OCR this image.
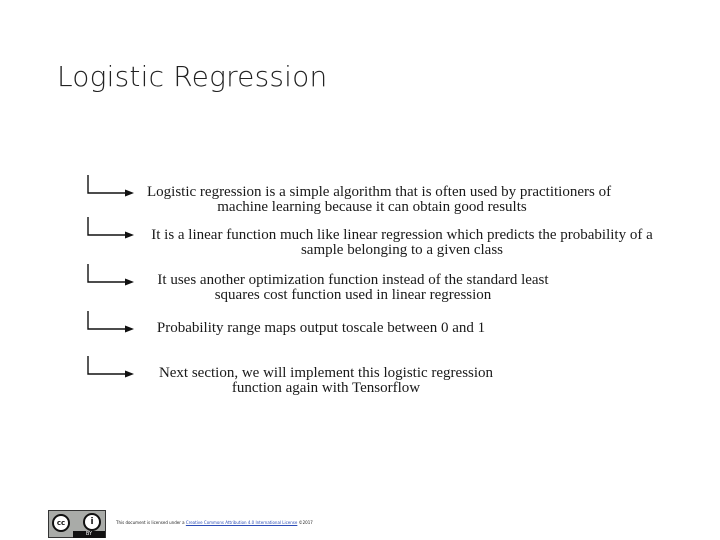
Logistic Regression
Logistic regression is a simple algorithm that is often used by practitioners of
machine learning because it can obtain good results
It is a linear function much like linear regression which predicts the probability of a
sample belonging to a given class
It uses another optimization function instead of the standard least
squares cost function used in linear regression
Probability range maps output toscale between 0 and 1
Next section, we will implement this logistic regression
function again with Tensorflow
cc	i
BY
This document is licensed under a Creative Commons Attribution 4.0 International License ©2017
